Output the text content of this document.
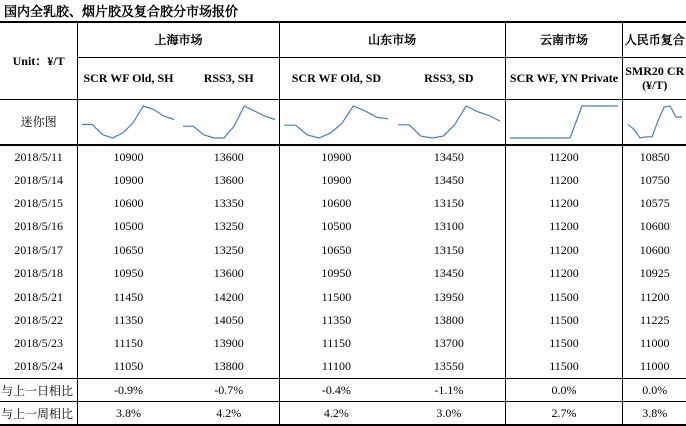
国内全乳胶、烟片胶及复合胶分市场报价
Unit：¥/T	上海市场		山东市场		云南市场	人民币复合
	SCR WF Old, SH	RSS3, SH	SCR WF Old, SD	RSS3, SD	SCR WF, YN Private	SMR20 CR (¥/T)
迷你图	

2018/5/11	10900	13600	10900	13450	11200	10850
2018/5/14	10900	13600	10900	13450	11200	10750
2018/5/15	10600	13350	10600	13150	11200	10575
2018/5/16	10500	13250	10500	13100	11200	10600
2018/5/17	10650	13250	10650	13150	11200	10600
2018/5/18	10950	13600	10950	13450	11200	10925
2018/5/21	11450	14200	11500	13950	11500	11200
2018/5/22	11350	14050	11350	13800	11500	11225
2018/5/23	11150	13900	11150	13700	11500	11000
2018/5/24	11050	13800	11100	13550	11500	11000
与上一日相比	-0.9%	-0.7%	-0.4%	-1.1%	0.0%	0.0%
与上一周相比	3.8%	4.2%	4.2%	3.0%	2.7%	3.8%
